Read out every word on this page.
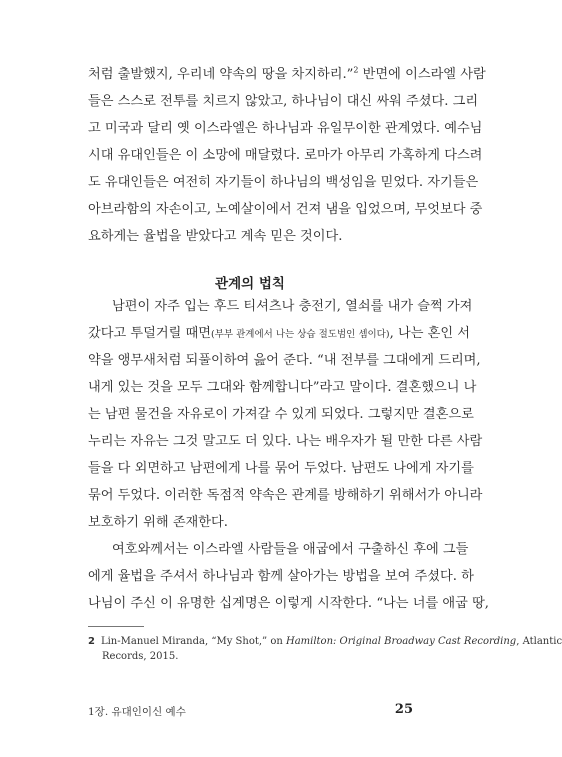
처럼 출발했지, 우리네 약속의 땅을 차지하리.”$^2$ 반면에 이스라엘 사람
들은 스스로 전투를 치르지 않았고, 하나님이 대신 싸워 주셨다. 그리
고 미국과 달리 옛 이스라엘은 하나님과 유일무이한 관계였다. 예수님
시대 유대인들은 이 소망에 매달렸다. 로마가 아무리 가혹하게 다스려
도 유대인들은 여전히 자기들이 하나님의 백성임을 믿었다. 자기들은
아브라함의 자손이고, 노예살이에서 건져 냄을 입었으며, 무엇보다 중
요하게는 율법을 받았다고 계속 믿은 것이다.
관계의 법칙
남편이 자주 입는 후드 티셔츠나 충전기, 열쇠를 내가 슬쩍 가져
갔다고 투덜거릴 때면(부부 관계에서 나는 상습 절도범인 셈이다), 나는 혼인 서
약을 앵무새처럼 되풀이하여 읊어 준다. “내 전부를 그대에게 드리며,
내게 있는 것을 모두 그대와 함께합니다”라고 말이다. 결혼했으니 나
는 남편 물건을 자유로이 가져갈 수 있게 되었다. 그렇지만 결혼으로
누리는 자유는 그것 말고도 더 있다. 나는 배우자가 될 만한 다른 사람
들을 다 외면하고 남편에게 나를 묶어 두었다. 남편도 나에게 자기를
묶어 두었다. 이러한 독점적 약속은 관계를 방해하기 위해서가 아니라
보호하기 위해 존재한다.
여호와께서는 이스라엘 사람들을 애굽에서 구출하신 후에 그들
에게 율법을 주셔서 하나님과 함께 살아가는 방법을 보여 주셨다. 하
나님이 주신 이 유명한 십계명은 이렇게 시작한다. “나는 너를 애굽 땅,
2 Lin-Manuel Miranda, “My Shot,” on Hamilton: Original Broadway Cast Recording, Atlantic
Records, 2015.
1장. 유대인이신 예수	25
